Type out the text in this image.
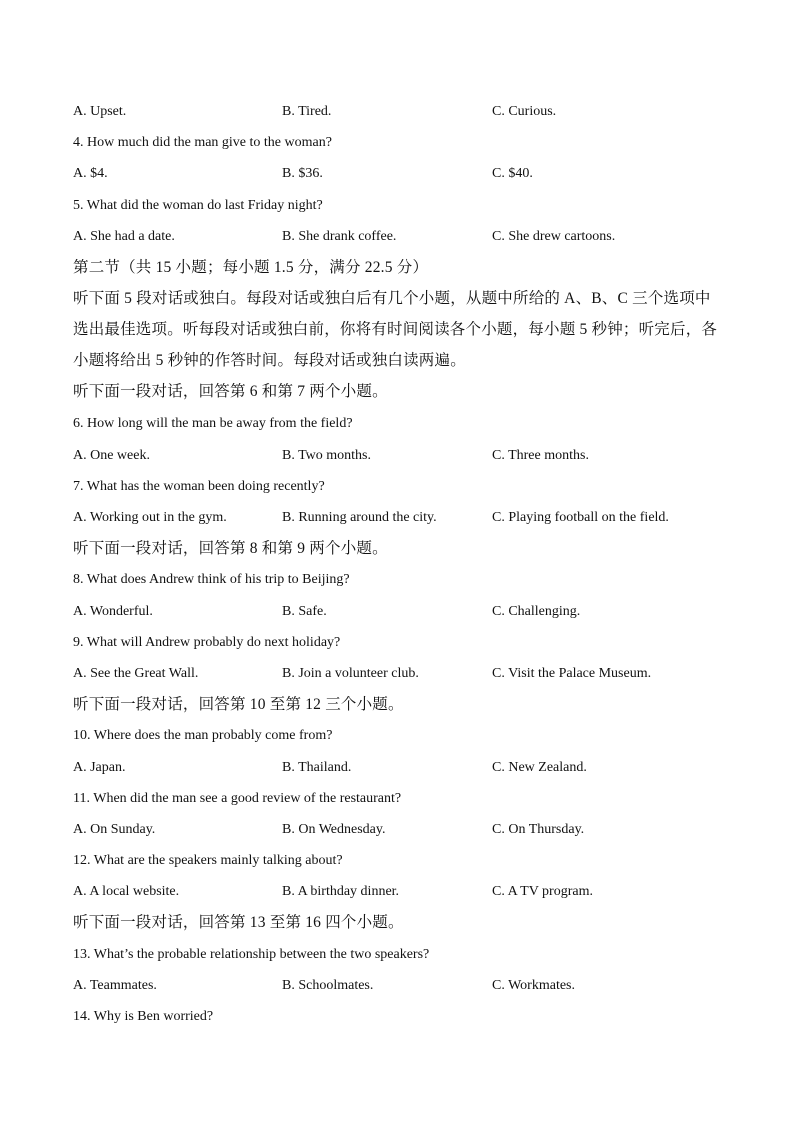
A. Upset.	B. Tired.	C. Curious.
4. How much did the man give to the woman?
A. $4.	B. $36.	C. $40.
5. What did the woman do last Friday night?
A. She had a date.	B. She drank coffee.	C. She drew cartoons.
第二节（共 15 小题；每小题 1.5 分，满分 22.5 分）
听下面 5 段对话或独白。每段对话或独白后有几个小题，从题中所给的 A、B、C 三个选项中
选出最佳选项。听每段对话或独白前，你将有时间阅读各个小题，每小题 5 秒钟；听完后，各
小题将给出 5 秒钟的作答时间。每段对话或独白读两遍。
听下面一段对话，回答第 6 和第 7 两个小题。
6. How long will the man be away from the field?
A. One week.	B. Two months.	C. Three months.
7. What has the woman been doing recently?
A. Working out in the gym.	B. Running around the city.	C. Playing football on the field.
听下面一段对话，回答第 8 和第 9 两个小题。
8. What does Andrew think of his trip to Beijing?
A. Wonderful.	B. Safe.	C. Challenging.
9. What will Andrew probably do next holiday?
A. See the Great Wall.	B. Join a volunteer club.	C. Visit the Palace Museum.
听下面一段对话，回答第 10 至第 12 三个小题。
10. Where does the man probably come from?
A. Japan.	B. Thailand.	C. New Zealand.
11. When did the man see a good review of the restaurant?
A. On Sunday.	B. On Wednesday.	C. On Thursday.
12. What are the speakers mainly talking about?
A. A local website.	B. A birthday dinner.	C. A TV program.
听下面一段对话，回答第 13 至第 16 四个小题。
13. What’s the probable relationship between the two speakers?
A. Teammates.	B. Schoolmates.	C. Workmates.
14. Why is Ben worried?
